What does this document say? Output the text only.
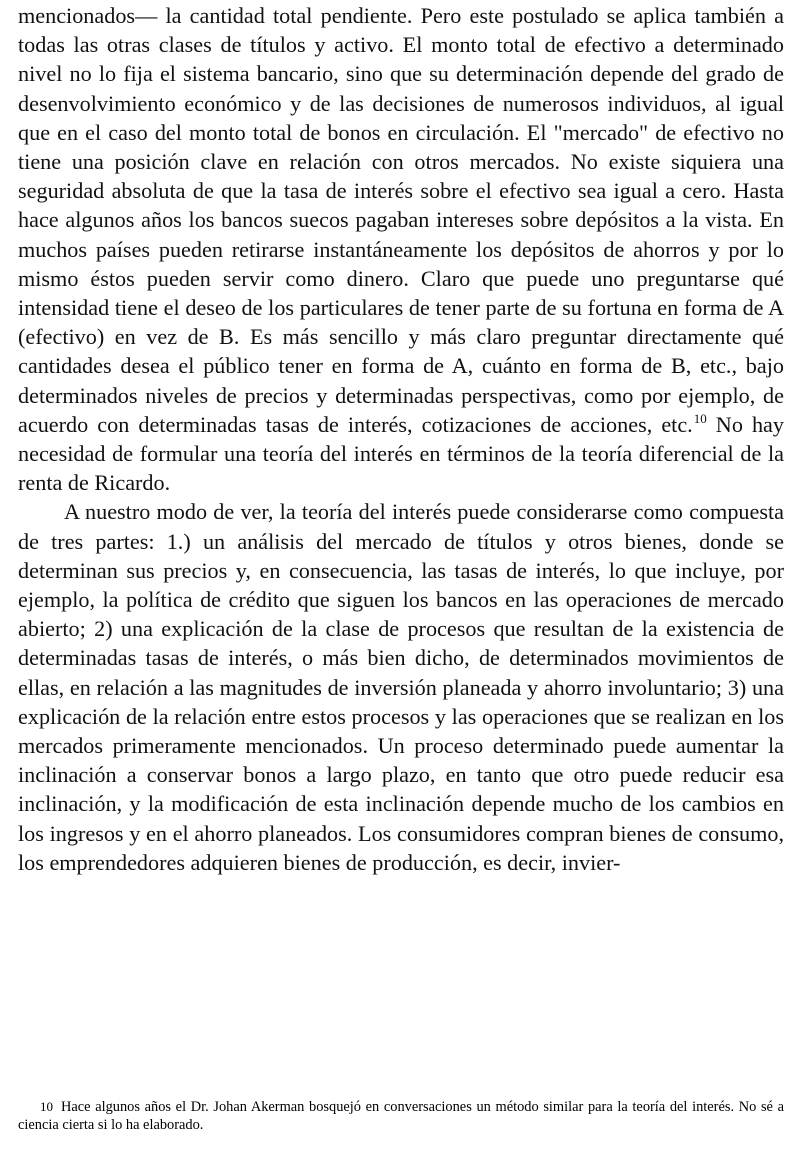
mencionados— la cantidad total pendiente. Pero este postulado se aplica también a todas las otras clases de títulos y activo. El monto total de efectivo a determinado nivel no lo fija el sistema bancario, sino que su determinación depende del grado de desenvolvimiento económico y de las decisiones de numerosos individuos, al igual que en el caso del monto total de bonos en circulación. El "mercado" de efectivo no tiene una posición clave en relación con otros mercados. No existe siquiera una seguridad absoluta de que la tasa de interés sobre el efectivo sea igual a cero. Hasta hace algunos años los bancos suecos pagaban intereses sobre depósitos a la vista. En muchos países pueden retirarse instantáneamente los depósitos de ahorros y por lo mismo éstos pueden servir como dinero. Claro que puede uno preguntarse qué intensidad tiene el deseo de los particulares de tener parte de su fortuna en forma de A (efectivo) en vez de B. Es más sencillo y más claro preguntar directamente qué cantidades desea el público tener en forma de A, cuánto en forma de B, etc., bajo determinados niveles de precios y determinadas perspectivas, como por ejemplo, de acuerdo con determinadas tasas de interés, cotizaciones de acciones, etc.$^{10}$ No hay necesidad de formular una teoría del interés en términos de la teoría diferencial de la renta de Ricardo.

A nuestro modo de ver, la teoría del interés puede considerarse como compuesta de tres partes: 1.) un análisis del mercado de títulos y otros bienes, donde se determinan sus precios y, en consecuencia, las tasas de interés, lo que incluye, por ejemplo, la política de crédito que siguen los bancos en las operaciones de mercado abierto; 2) una explicación de la clase de procesos que resultan de la existencia de determinadas tasas de interés, o más bien dicho, de determinados movimientos de ellas, en relación a las magnitudes de inversión planeada y ahorro involuntario; 3) una explicación de la relación entre estos procesos y las operaciones que se realizan en los mercados primeramente mencionados. Un proceso determinado puede aumentar la inclinación a conservar bonos a largo plazo, en tanto que otro puede reducir esa inclinación, y la modificación de esta inclinación depende mucho de los cambios en los ingresos y en el ahorro planeados. Los consumidores compran bienes de consumo, los emprendedores adquieren bienes de producción, es decir, invier-

10 Hace algunos años el Dr. Johan Akerman bosquejó en conversaciones un método similar para la teoría del interés. No sé a ciencia cierta si lo ha elaborado.
